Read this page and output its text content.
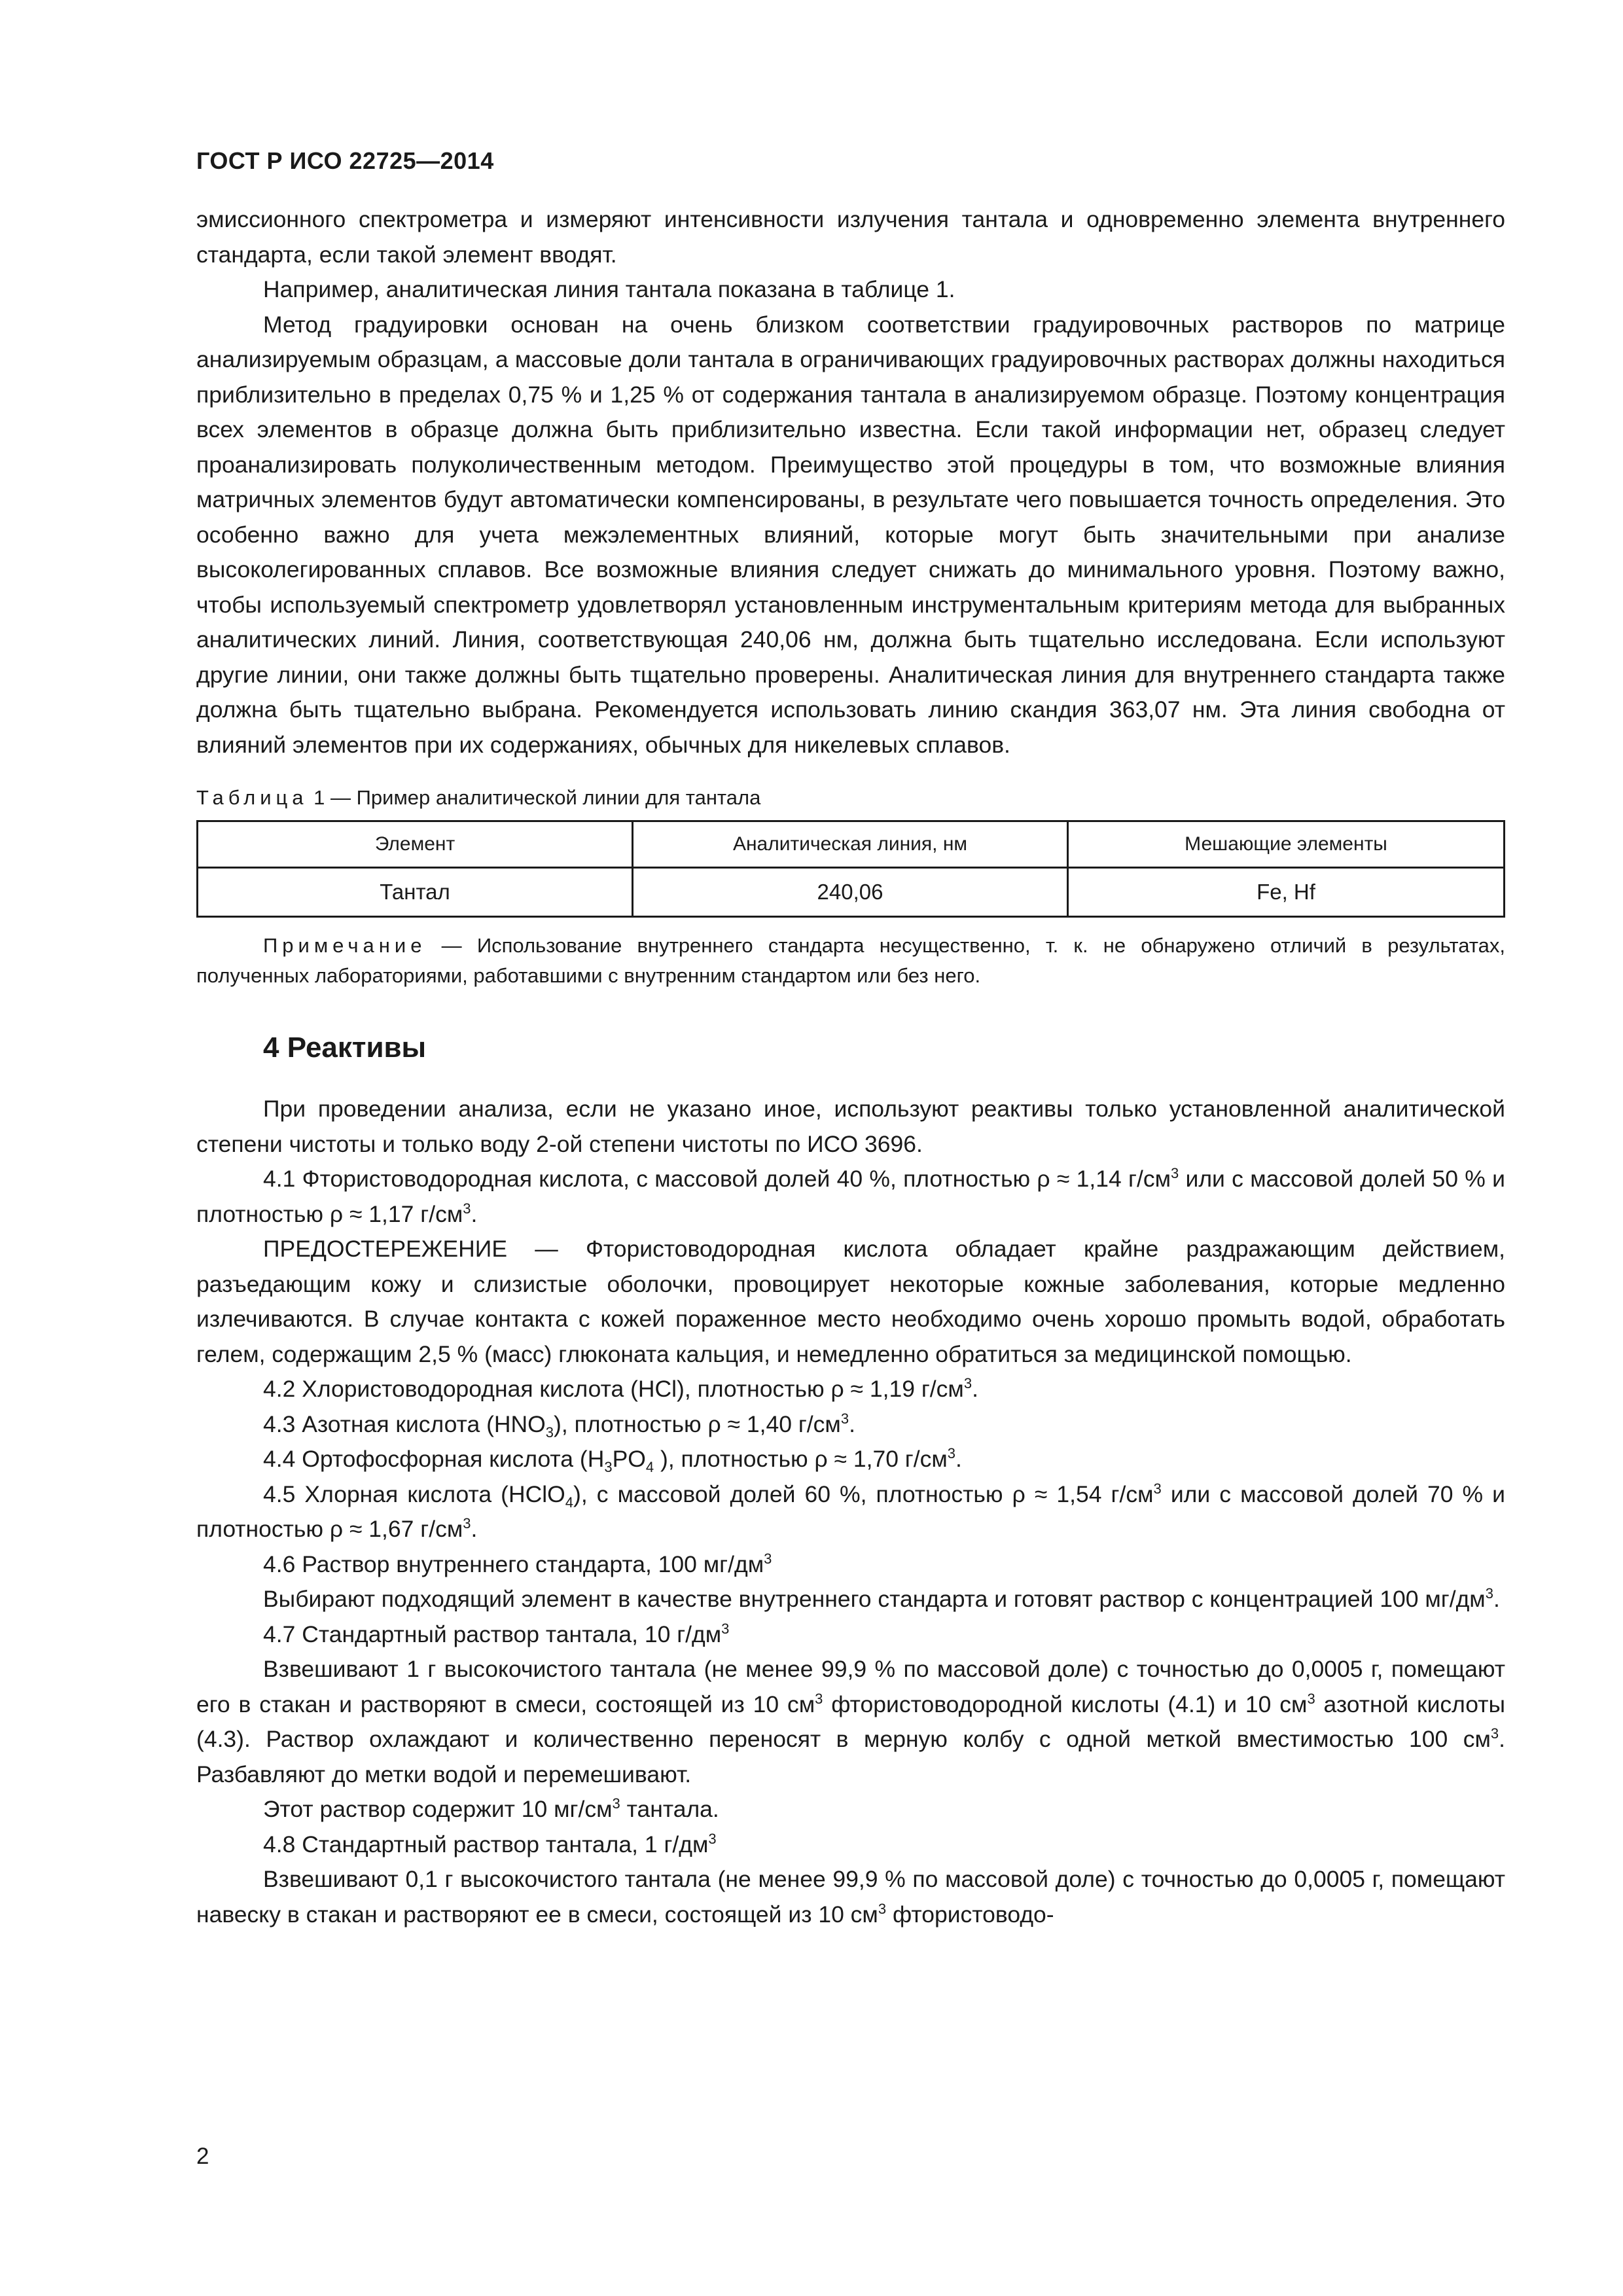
ГОСТ Р ИСО 22725—2014

эмиссионного спектрометра и измеряют интенсивности излучения тантала и одновременно элемента внутреннего стандарта, если такой элемент вводят.

Например, аналитическая линия тантала показана в таблице 1.

Метод градуировки основан на очень близком соответствии градуировочных растворов по матрице анализируемым образцам, а массовые доли тантала в ограничивающих градуировочных растворах должны находиться приблизительно в пределах 0,75 % и 1,25 % от содержания тантала в анализируемом образце. Поэтому концентрация всех элементов в образце должна быть приблизительно известна. Если такой информации нет, образец следует проанализировать полуколичественным методом. Преимущество этой процедуры в том, что возможные влияния матричных элементов будут автоматически компенсированы, в результате чего повышается точность определения. Это особенно важно для учета межэлементных влияний, которые могут быть значительными при анализе высоколегированных сплавов. Все возможные влияния следует снижать до минимального уровня. Поэтому важно, чтобы используемый спектрометр удовлетворял установленным инструментальным критериям метода для выбранных аналитических линий. Линия, соответствующая 240,06 нм, должна быть тщательно исследована. Если используют другие линии, они также должны быть тщательно проверены. Аналитическая линия для внутреннего стандарта также должна быть тщательно выбрана. Рекомендуется использовать линию скандия 363,07 нм. Эта линия свободна от влияний элементов при их содержаниях, обычных для никелевых сплавов.

Таблица 1 — Пример аналитической линии для тантала
Элемент	Аналитическая линия, нм	Мешающие элементы
Тантал	240,06	Fe, Hf
Примечание — Использование внутреннего стандарта несущественно, т. к. не обнаружено отличий в результатах, полученных лабораториями, работавшими с внутренним стандартом или без него.
4 Реактивы

При проведении анализа, если не указано иное, используют реактивы только установленной аналитической степени чистоты и только воду 2-ой степени чистоты по ИСО 3696.

4.1 Фтористоводородная кислота, с массовой долей 40 %, плотностью ρ ≈ 1,14 $г/см^3$ или с массовой долей 50 % и плотностью ρ ≈ 1,17 $г/см^3$.

ПРЕДОСТЕРЕЖЕНИЕ — Фтористоводородная кислота обладает крайне раздражающим действием, разъедающим кожу и слизистые оболочки, провоцирует некоторые кожные заболевания, которые медленно излечиваются. В случае контакта с кожей пораженное место необходимо очень хорошо промыть водой, обработать гелем, содержащим 2,5 % (масс) глюконата кальция, и немедленно обратиться за медицинской помощью.

4.2 Хлористоводородная кислота (HCl), плотностью ρ ≈ 1,19 $г/см^3$.

4.3 Азотная кислота $(HNO_3)$, плотностью ρ ≈ 1,40 $г/см^3$.

4.4 Ортофосфорная кислота ($H_3PO_4$ ), плотностью ρ ≈ 1,70 $г/см^3$.

4.5 Хлорная кислота (HClO$_4$), с массовой долей 60 %, плотностью ρ ≈ 1,54 $г/см^3$ или с массовой долей 70 % и плотностью ρ ≈ 1,67 $г/см^3$.

4.6 Раствор внутреннего стандарта, 100 $мг/дм^3$

Выбирают подходящий элемент в качестве внутреннего стандарта и готовят раствор с концентрацией 100 $мг/дм^3$.

4.7 Стандартный раствор тантала, 10 $г/дм^3$

Взвешивают 1 г высокочистого тантала (не менее 99,9 % по массовой доле) с точностью до 0,0005 г, помещают его в стакан и растворяют в смеси, состоящей из 10 $см^3$ фтористоводородной кислоты (4.1) и 10 $см^3$ азотной кислоты (4.3). Раствор охлаждают и количественно переносят в мерную колбу с одной меткой вместимостью 100 $см^3$. Разбавляют до метки водой и перемешивают.

Этот раствор содержит 10 $мг/см^3$ тантала.

4.8 Стандартный раствор тантала, 1 $г/дм^3$

Взвешивают 0,1 г высокочистого тантала (не менее 99,9 % по массовой доле) с точностью до 0,0005 г, помещают навеску в стакан и растворяют ее в смеси, состоящей из 10 $см^3$ фтористоводо-

2
